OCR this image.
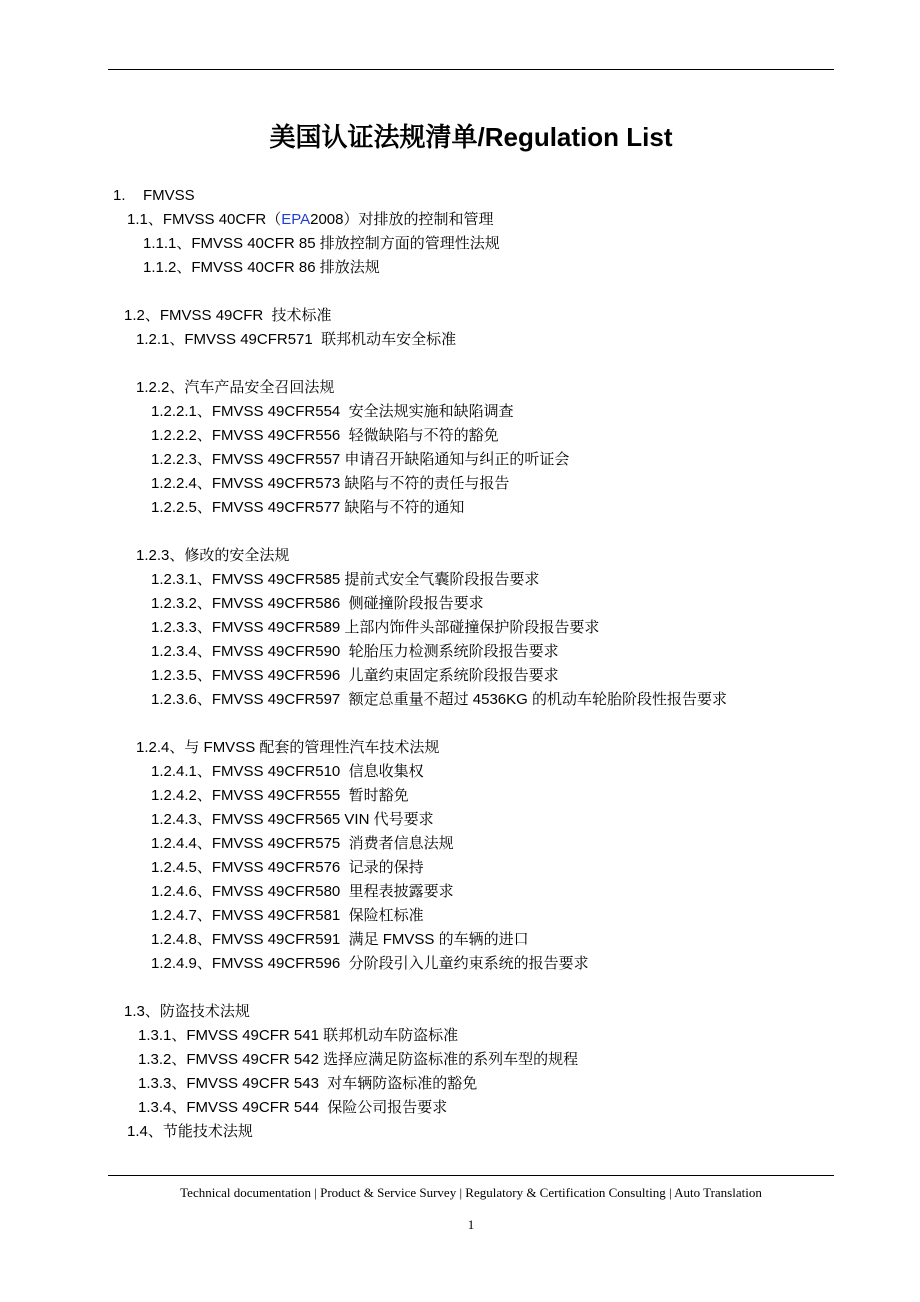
美国认证法规清单/Regulation List
1. FMVSS
1.1、FMVSS 40CFR（EPA2008）对排放的控制和管理
1.1.1、FMVSS 40CFR 85 排放控制方面的管理性法规
1.1.2、FMVSS 40CFR 86 排放法规
1.2、FMVSS 49CFR  技术标准
1.2.1、FMVSS 49CFR571  联邦机动车安全标准
1.2.2、汽车产品安全召回法规
1.2.2.1、FMVSS 49CFR554  安全法规实施和缺陷调查
1.2.2.2、FMVSS 49CFR556  轻微缺陷与不符的豁免
1.2.2.3、FMVSS 49CFR557 申请召开缺陷通知与纠正的听证会
1.2.2.4、FMVSS 49CFR573 缺陷与不符的责任与报告
1.2.2.5、FMVSS 49CFR577 缺陷与不符的通知
1.2.3、修改的安全法规
1.2.3.1、FMVSS 49CFR585 提前式安全气囊阶段报告要求
1.2.3.2、FMVSS 49CFR586  侧碰撞阶段报告要求
1.2.3.3、FMVSS 49CFR589 上部内饰件头部碰撞保护阶段报告要求
1.2.3.4、FMVSS 49CFR590  轮胎压力检测系统阶段报告要求
1.2.3.5、FMVSS 49CFR596  儿童约束固定系统阶段报告要求
1.2.3.6、FMVSS 49CFR597  额定总重量不超过 4536KG 的机动车轮胎阶段性报告要求
1.2.4、与 FMVSS 配套的管理性汽车技术法规
1.2.4.1、FMVSS 49CFR510  信息收集权
1.2.4.2、FMVSS 49CFR555  暂时豁免
1.2.4.3、FMVSS 49CFR565 VIN 代号要求
1.2.4.4、FMVSS 49CFR575  消费者信息法规
1.2.4.5、FMVSS 49CFR576  记录的保持
1.2.4.6、FMVSS 49CFR580  里程表披露要求
1.2.4.7、FMVSS 49CFR581  保险杠标准
1.2.4.8、FMVSS 49CFR591  满足 FMVSS 的车辆的进口
1.2.4.9、FMVSS 49CFR596  分阶段引入儿童约束系统的报告要求
1.3、防盗技术法规
1.3.1、FMVSS 49CFR 541 联邦机动车防盗标准
1.3.2、FMVSS 49CFR 542 选择应满足防盗标准的系列车型的规程
1.3.3、FMVSS 49CFR 543  对车辆防盗标准的豁免
1.3.4、FMVSS 49CFR 544  保险公司报告要求
1.4、节能技术法规
Technical documentation | Product & Service Survey | Regulatory & Certification Consulting | Auto Translation
1
